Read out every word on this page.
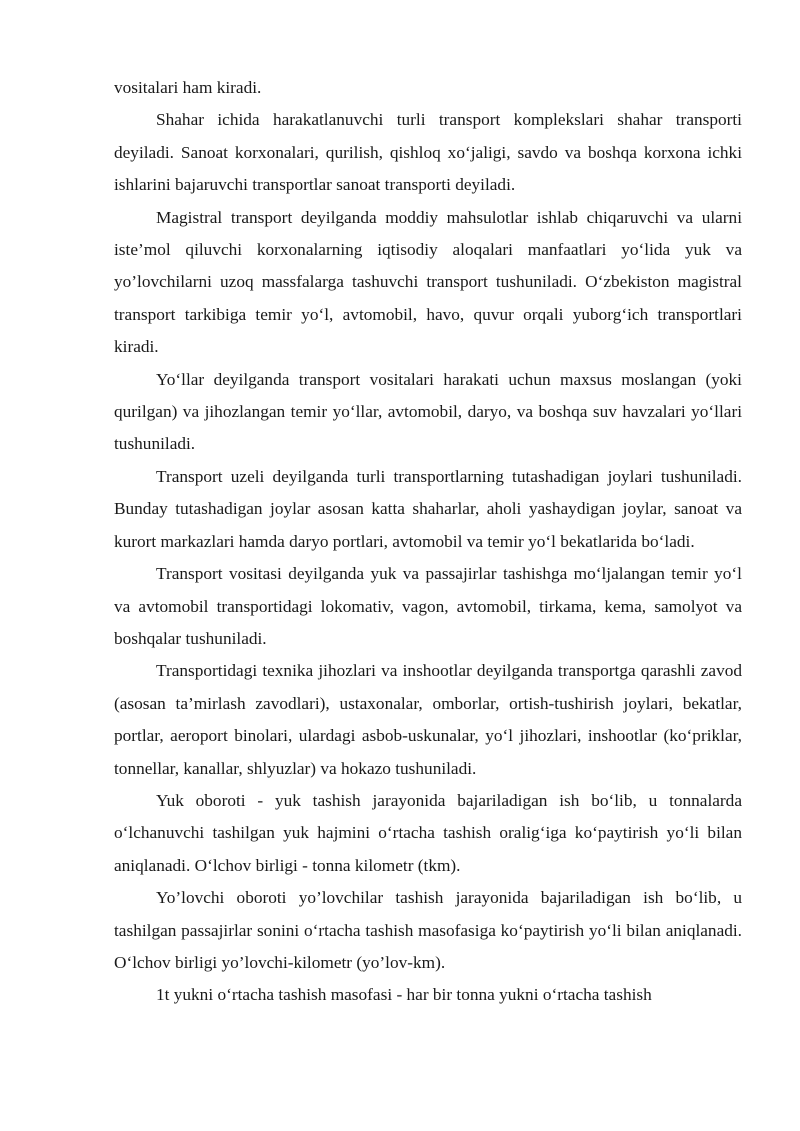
vositalari ham kiradi.

Shahar ichida harakatlanuvchi turli transport komplekslari shahar transporti deyiladi. Sanoat korxonalari, qurilish, qishloq xo‘jaligi, savdo va boshqa korxona ichki ishlarini bajaruvchi transportlar sanoat transporti deyiladi.

Magistral transport deyilganda moddiy mahsulotlar ishlab chiqaruvchi va ularni iste’mol qiluvchi korxonalarning iqtisodiy aloqalari manfaatlari yo‘lida yuk va yo’lovchilarni uzoq massfalarga tashuvchi transport tushuniladi. O‘zbekiston magistral transport tarkibiga temir yo‘l, avtomobil, havo, quvur orqali yuborg‘ich transportlari kiradi.

Yo‘llar deyilganda transport vositalari harakati uchun maxsus moslangan (yoki qurilgan) va jihozlangan temir yo‘llar, avtomobil, daryo, va boshqa suv havzalari yo‘llari tushuniladi.

Transport uzeli deyilganda turli transportlarning tutashadigan joylari tushuniladi. Bunday tutashadigan joylar asosan katta shaharlar, aholi yashaydigan joylar, sanoat va kurort markazlari hamda daryo portlari, avtomobil va temir yo‘l bekatlarida bo‘ladi.

Transport vositasi deyilganda yuk va passajirlar tashishga mo‘ljalangan temir yo‘l va avtomobil transportidagi lokomativ, vagon, avtomobil, tirkama, kema, samolyot va boshqalar tushuniladi.

Transportidagi texnika jihozlari va inshootlar deyilganda transportga qarashli zavod (asosan ta’mirlash zavodlari), ustaxonalar, omborlar, ortish-tushirish joylari, bekatlar, portlar, aeroport binolari, ulardagi asbob-uskunalar, yo‘l jihozlari, inshootlar (ko‘priklar, tonnellar, kanallar, shlyuzlar) va hokazo tushuniladi.

Yuk oboroti - yuk tashish jarayonida bajariladigan ish bo‘lib, u tonnalarda o‘lchanuvchi tashilgan yuk hajmini o‘rtacha tashish oralig‘iga ko‘paytirish yo‘li bilan aniqlanadi. O‘lchov birligi - tonna kilometr (tkm).

Yo’lovchi oboroti yo’lovchilar tashish jarayonida bajariladigan ish bo‘lib, u tashilgan passajirlar sonini o‘rtacha tashish masofasiga ko‘paytirish yo‘li bilan aniqlanadi. O‘lchov birligi yo’lovchi-kilometr (yo’lov-km).

1t yukni o‘rtacha tashish masofasi - har bir tonna yukni o‘rtacha tashish
